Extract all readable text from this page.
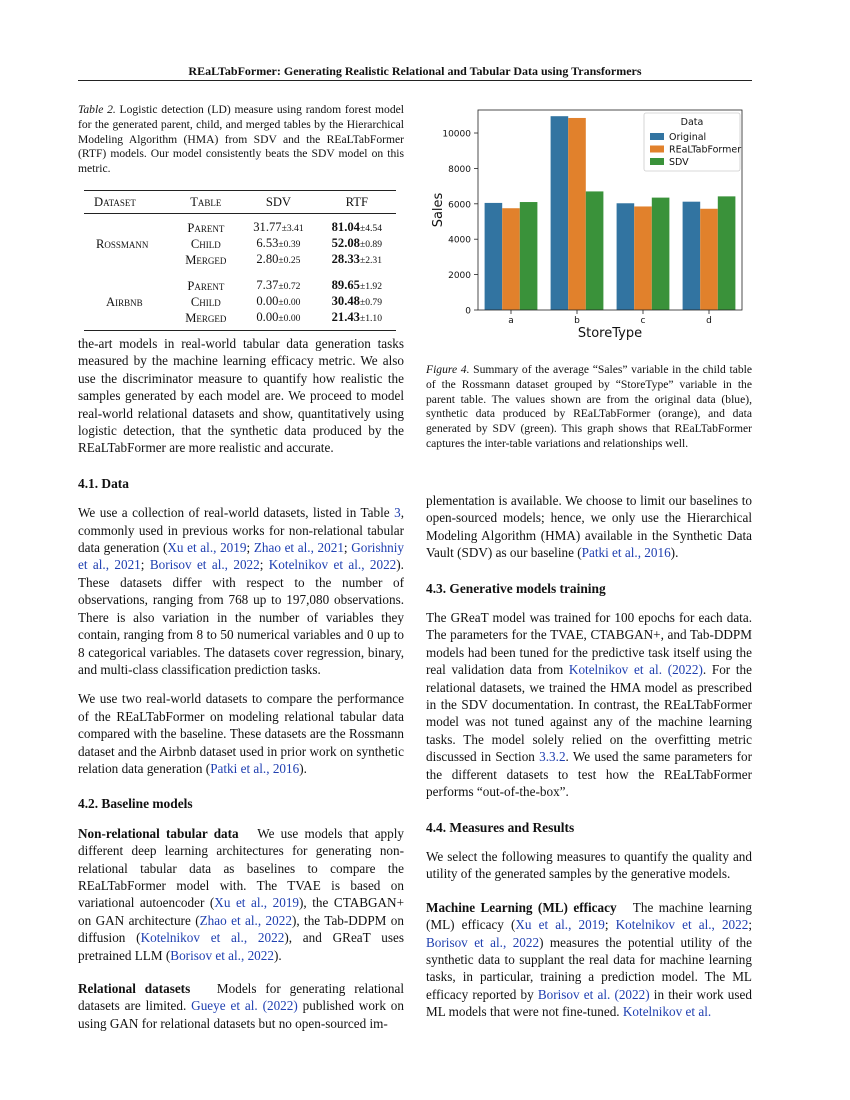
REaLTabFormer: Generating Realistic Relational and Tabular Data using Transformers
Table 2. Logistic detection (LD) measure using random forest model for the generated parent, child, and merged tables by the Hierarchical Modeling Algorithm (HMA) from SDV and the REaLTabFormer (RTF) models. Our model consistently beats the SDV model on this metric.
Dataset	Table	SDV	RTF
Rossmann	Parent	31.77±3.41	81.04±4.54
	Child	6.53±0.39	52.08±0.89
	Merged	2.80±0.25	28.33±2.31
Airbnb	Parent	7.37±0.72	89.65±1.92
	Child	0.00±0.00	30.48±0.79
	Merged	0.00±0.00	21.43±1.10

the-art models in real-world tabular data generation tasks measured by the machine learning efficacy metric. We also use the discriminator measure to quantify how realistic the samples generated by each model are. We proceed to model real-world relational datasets and show, quantitatively using logistic detection, that the synthetic data produced by the REaLTabFormer are more realistic and accurate.

4.1. Data

We use a collection of real-world datasets, listed in Table 3, commonly used in previous works for non-relational tabular data generation (Xu et al., 2019; Zhao et al., 2021; Gorishniy et al., 2021; Borisov et al., 2022; Kotelnikov et al., 2022). These datasets differ with respect to the number of observations, ranging from 768 up to 197,080 observations. There is also variation in the number of variables they contain, ranging from 8 to 50 numerical variables and 0 up to 8 categorical variables. The datasets cover regression, binary, and multi-class classification prediction tasks.

We use two real-world datasets to compare the performance of the REaLTabFormer on modeling relational tabular data compared with the baseline. These datasets are the Rossmann dataset and the Airbnb dataset used in prior work on synthetic relation data generation (Patki et al., 2016).

4.2. Baseline models

Non-relational tabular data We use models that apply different deep learning architectures for generating non-relational tabular data as baselines to compare the REaLTabFormer model with. The TVAE is based on variational autoencoder (Xu et al., 2019), the CTABGAN+ on GAN architecture (Zhao et al., 2022), the Tab-DDPM on diffusion (Kotelnikov et al., 2022), and GReaT uses pretrained LLM (Borisov et al., 2022).

Relational datasets Models for generating relational datasets are limited. Gueye et al. (2022) published work on using GAN for relational datasets but no open-sourced im-

0
2000
4000
6000
8000
10000
a	b	c	d
Sales
StoreType
Data
Original
REaLTabFormer
SDV
Figure 4. Summary of the average “Sales” variable in the child table of the Rossmann dataset grouped by “StoreType” variable in the parent table. The values shown are from the original data (blue), synthetic data produced by REaLTabFormer (orange), and data generated by SDV (green). This graph shows that REaLTabFormer captures the inter-table variations and relationships well.

plementation is available. We choose to limit our baselines to open-sourced models; hence, we only use the Hierarchical Modeling Algorithm (HMA) available in the Synthetic Data Vault (SDV) as our baseline (Patki et al., 2016).

4.3. Generative models training

The GReaT model was trained for 100 epochs for each data. The parameters for the TVAE, CTABGAN+, and Tab-DDPM models had been tuned for the predictive task itself using the real validation data from Kotelnikov et al. (2022). For the relational datasets, we trained the HMA model as prescribed in the SDV documentation. In contrast, the REaLTabFormer model was not tuned against any of the machine learning tasks. The model solely relied on the overfitting metric discussed in Section 3.3.2. We used the same parameters for the different datasets to test how the REaLTabFormer performs “out-of-the-box”.

4.4. Measures and Results

We select the following measures to quantify the quality and utility of the generated samples by the generative models.

Machine Learning (ML) efficacy The machine learning (ML) efficacy (Xu et al., 2019; Kotelnikov et al., 2022; Borisov et al., 2022) measures the potential utility of the synthetic data to supplant the real data for machine learning tasks, in particular, training a prediction model. The ML efficacy reported by Borisov et al. (2022) in their work used ML models that were not fine-tuned. Kotelnikov et al.
